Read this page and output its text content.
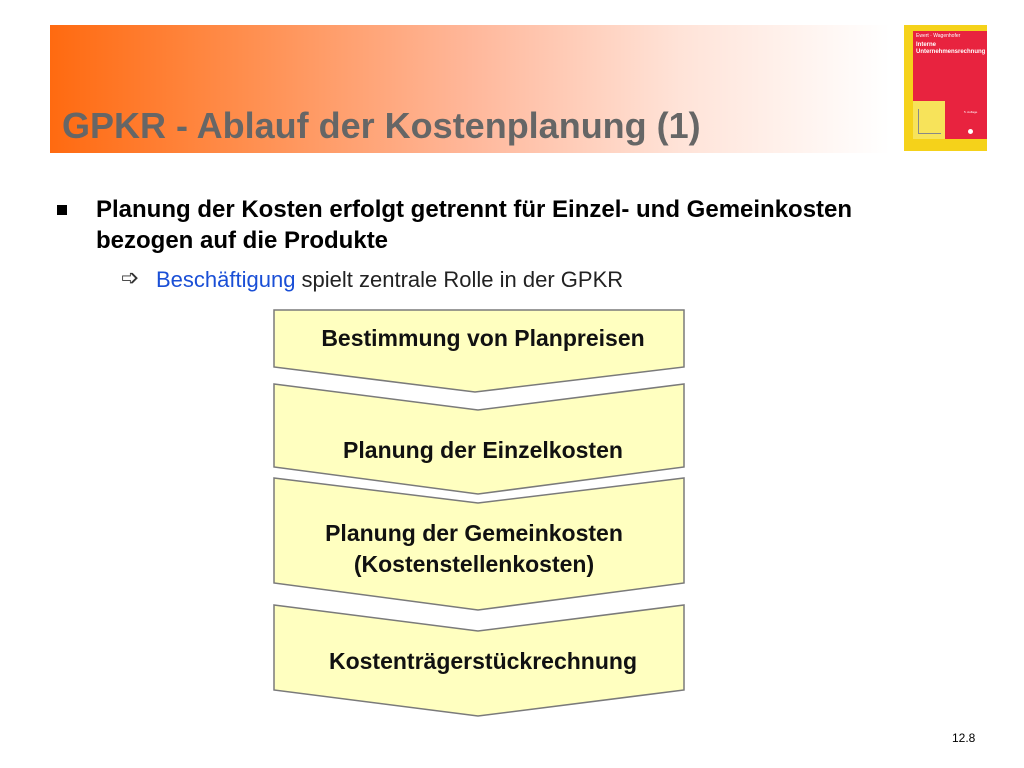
GPKR - Ablauf der Kostenplanung (1)
Ewert · Wagenhofer
Interne
Unternehmensrechnung
5. Auflage

Planung der Kosten erfolgt getrennt für Einzel- und Gemeinkosten bezogen auf die Produkte

➩ Beschäftigung spielt zentrale Rolle in der GPKR

Bestimmung von Planpreisen
Planung der Einzelkosten
Planung der Gemeinkosten
(Kostenstellenkosten)
Kostenträgerstückrechnung
12.8
